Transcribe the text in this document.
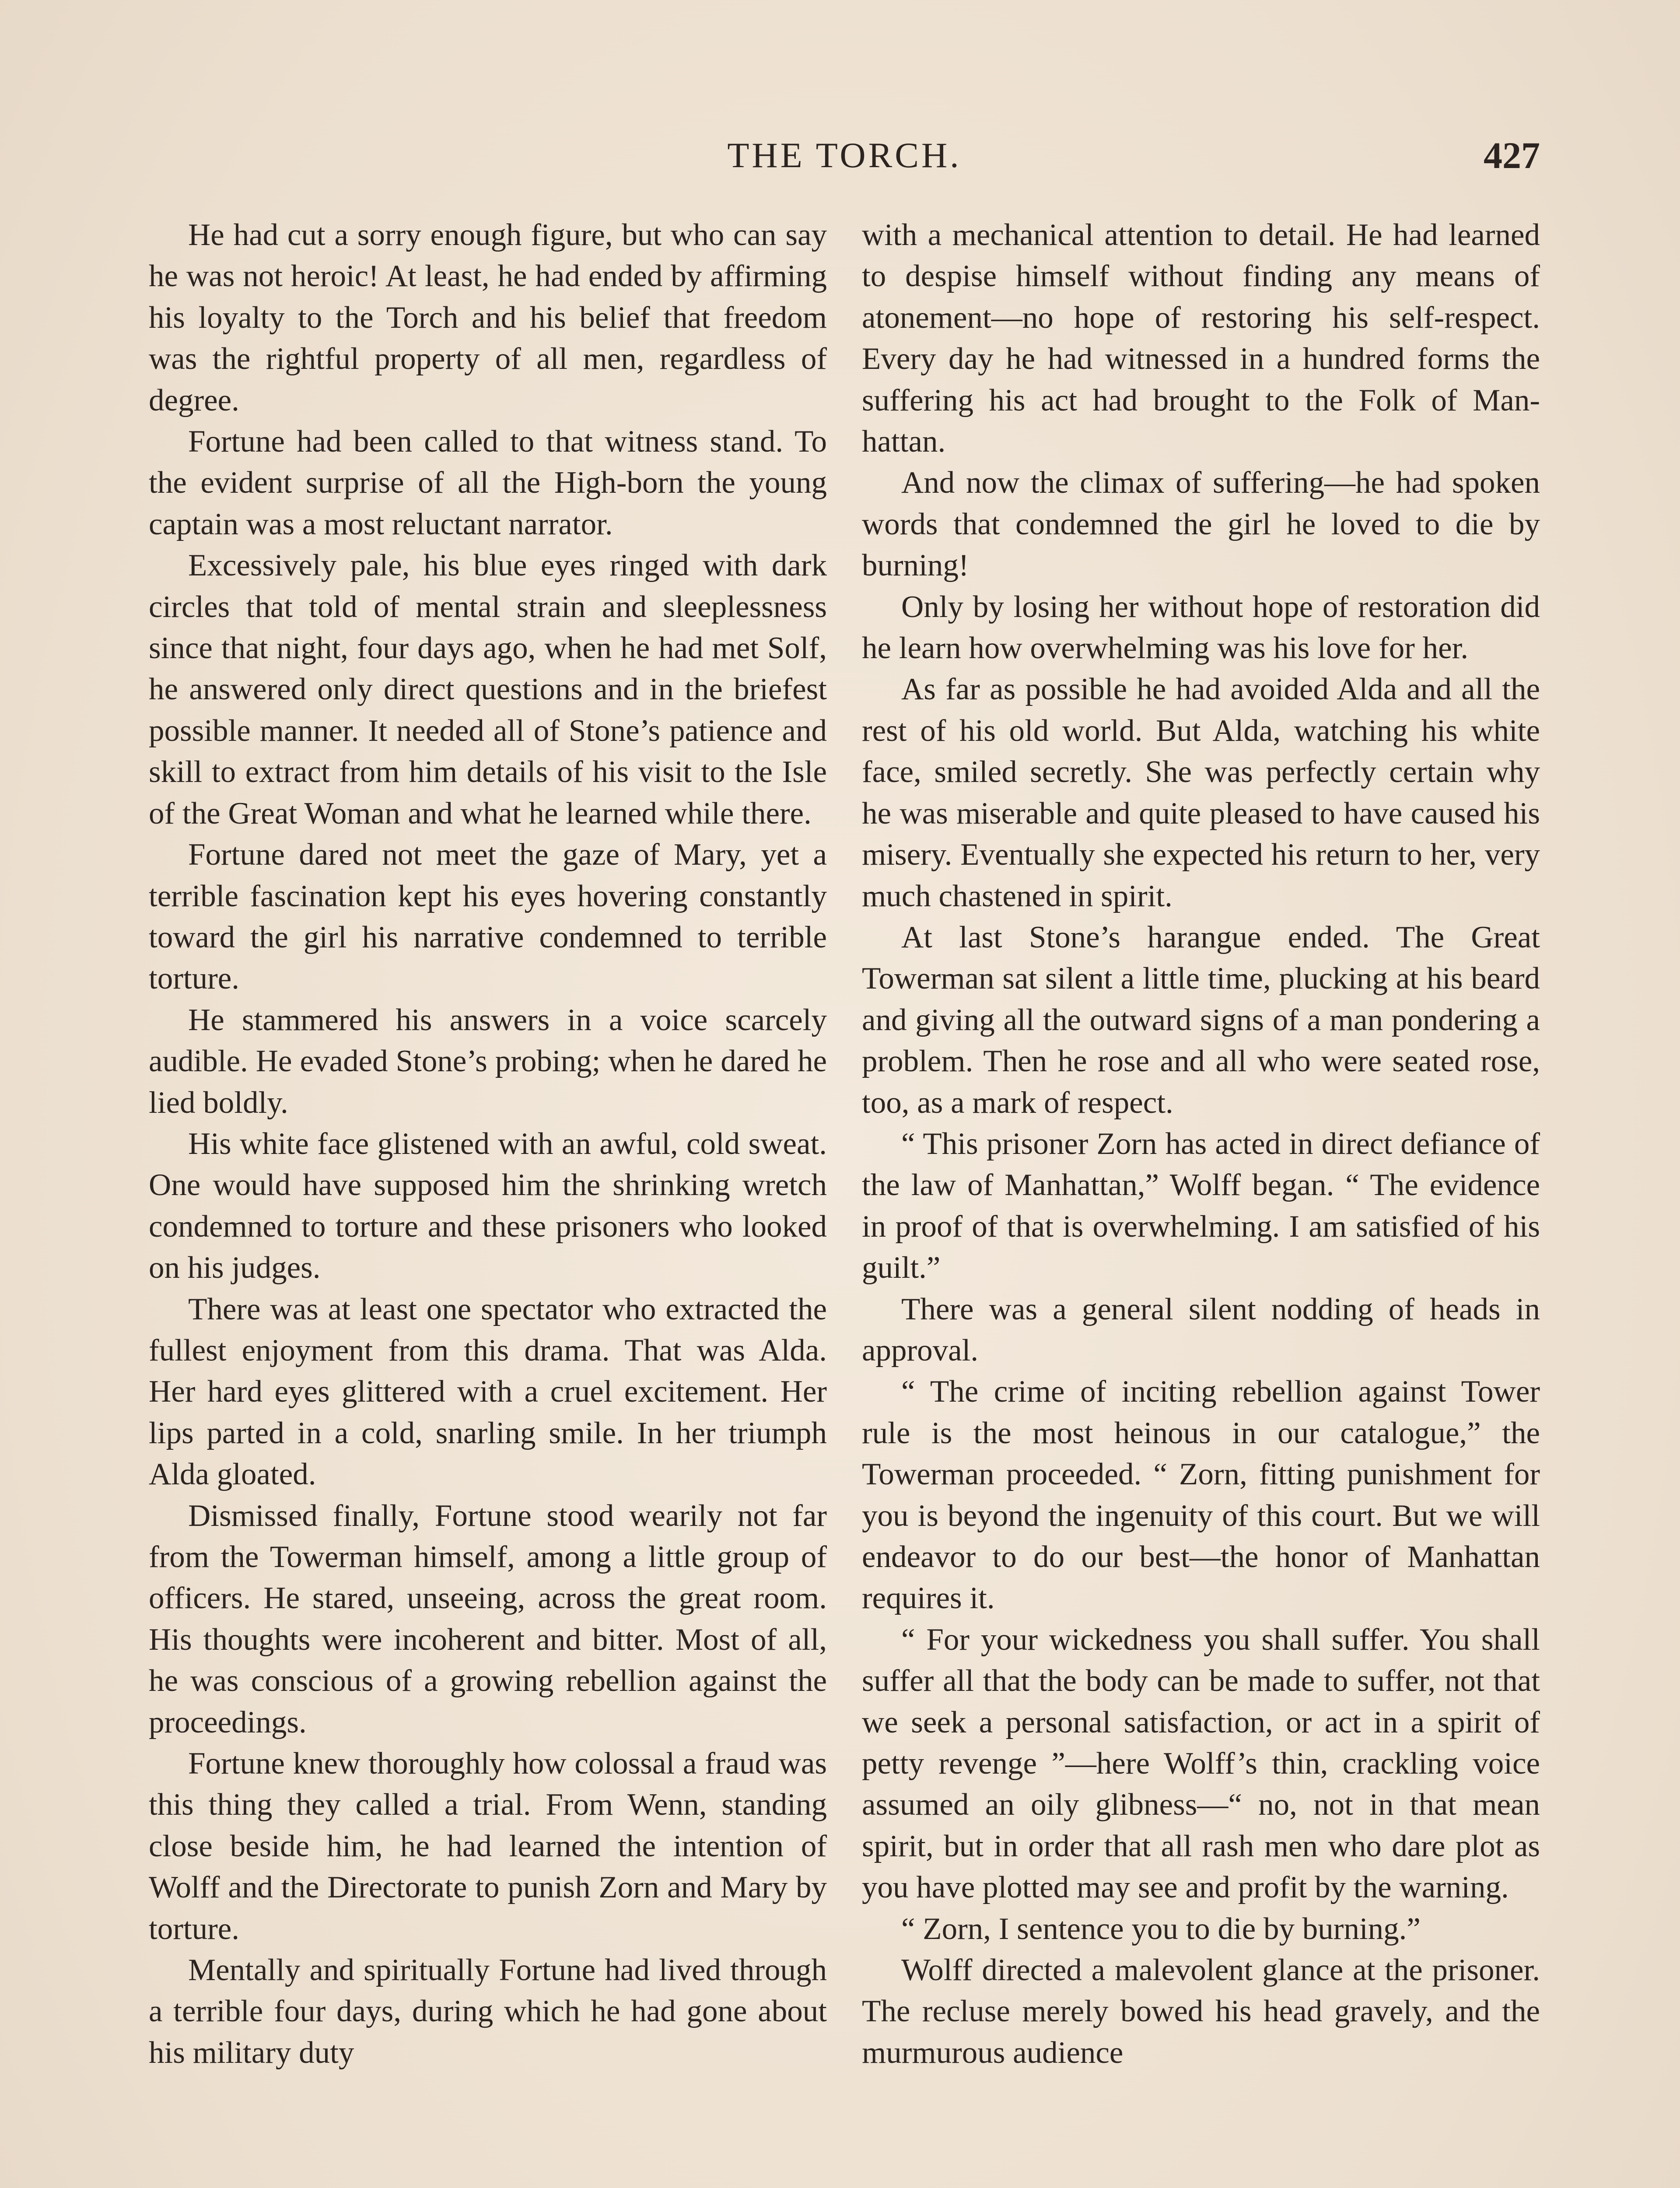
THE TORCH.	427

He had cut a sorry enough figure, but who can say he was not heroic! At least, he had ended by affirming his loyalty to the Torch and his belief that freedom was the rightful property of all men, regardless of degree.

Fortune had been called to that witness stand. To the evident surprise of all the High-born the young captain was a most reluctant narrator.

Excessively pale, his blue eyes ringed with dark circles that told of mental strain and sleeplessness since that night, four days ago, when he had met Solf, he answered only direct questions and in the briefest possible manner. It needed all of Stone’s patience and skill to extract from him details of his visit to the Isle of the Great Woman and what he learned while there.

Fortune dared not meet the gaze of Mary, yet a terrible fascination kept his eyes hovering constantly toward the girl his narrative condemned to terrible torture.

He stammered his answers in a voice scarcely audible. He evaded Stone’s probing; when he dared he lied boldly.

His white face glistened with an awful, cold sweat. One would have supposed him the shrinking wretch condemned to torture and these prisoners who looked on his judges.

There was at least one spectator who extracted the fullest enjoyment from this drama. That was Alda. Her hard eyes glittered with a cruel excitement. Her lips parted in a cold, snarling smile. In her triumph Alda gloated.

Dismissed finally, Fortune stood wearily not far from the Towerman himself, among a little group of officers. He stared, unseeing, across the great room. His thoughts were incoherent and bitter. Most of all, he was conscious of a growing rebellion against the proceedings.

Fortune knew thoroughly how colossal a fraud was this thing they called a trial. From Wenn, standing close beside him, he had learned the intention of Wolff and the Directorate to punish Zorn and Mary by torture.

Mentally and spiritually Fortune had lived through a terrible four days, during which he had gone about his military duty

with a mechanical attention to detail. He had learned to despise himself without finding any means of atonement—no hope of restoring his self-respect. Every day he had witnessed in a hundred forms the suffering his act had brought to the Folk of Manhattan.

And now the climax of suffering—he had spoken words that condemned the girl he loved to die by burning!

Only by losing her without hope of restoration did he learn how overwhelming was his love for her.

As far as possible he had avoided Alda and all the rest of his old world. But Alda, watching his white face, smiled secretly. She was perfectly certain why he was miserable and quite pleased to have caused his misery. Eventually she expected his return to her, very much chastened in spirit.

At last Stone’s harangue ended. The Great Towerman sat silent a little time, plucking at his beard and giving all the outward signs of a man pondering a problem. Then he rose and all who were seated rose, too, as a mark of respect.

“ This prisoner Zorn has acted in direct defiance of the law of Manhattan,” Wolff began. “ The evidence in proof of that is overwhelming. I am satisfied of his guilt.”

There was a general silent nodding of heads in approval.

“ The crime of inciting rebellion against Tower rule is the most heinous in our catalogue,” the Towerman proceeded. “ Zorn, fitting punishment for you is beyond the ingenuity of this court. But we will endeavor to do our best—the honor of Manhattan requires it.

“ For your wickedness you shall suffer. You shall suffer all that the body can be made to suffer, not that we seek a personal satisfaction, or act in a spirit of petty revenge ”—here Wolff’s thin, crackling voice assumed an oily glibness—“ no, not in that mean spirit, but in order that all rash men who dare plot as you have plotted may see and profit by the warning.

“ Zorn, I sentence you to die by burning.”

Wolff directed a malevolent glance at the prisoner. The recluse merely bowed his head gravely, and the murmurous audience
